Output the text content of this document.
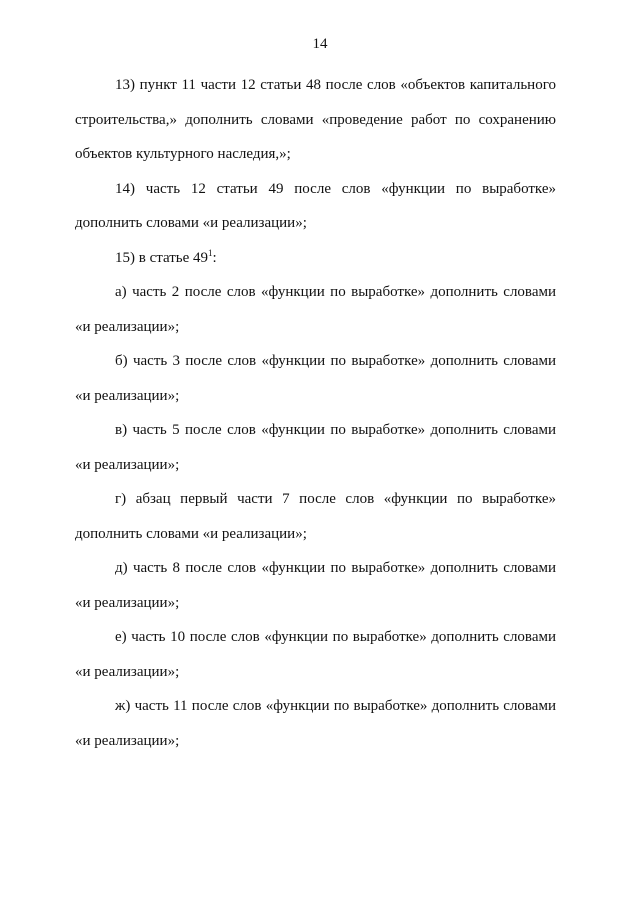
14

13) пункт 11 части 12 статьи 48 после слов «объектов капитального строительства,» дополнить словами «проведение работ по сохранению объектов культурного наследия,»;

14) часть 12 статьи 49 после слов «функции по выработке» дополнить словами «и реализации»;

15) в статье $49^1$:

а) часть 2 после слов «функции по выработке» дополнить словами «и реализации»;

б) часть 3 после слов «функции по выработке» дополнить словами «и реализации»;

в) часть 5 после слов «функции по выработке» дополнить словами «и реализации»;

г) абзац первый части 7 после слов «функции по выработке» дополнить словами «и реализации»;

д) часть 8 после слов «функции по выработке» дополнить словами «и реализации»;

е) часть 10 после слов «функции по выработке» дополнить словами «и реализации»;

ж) часть 11 после слов «функции по выработке» дополнить словами «и реализации»;
